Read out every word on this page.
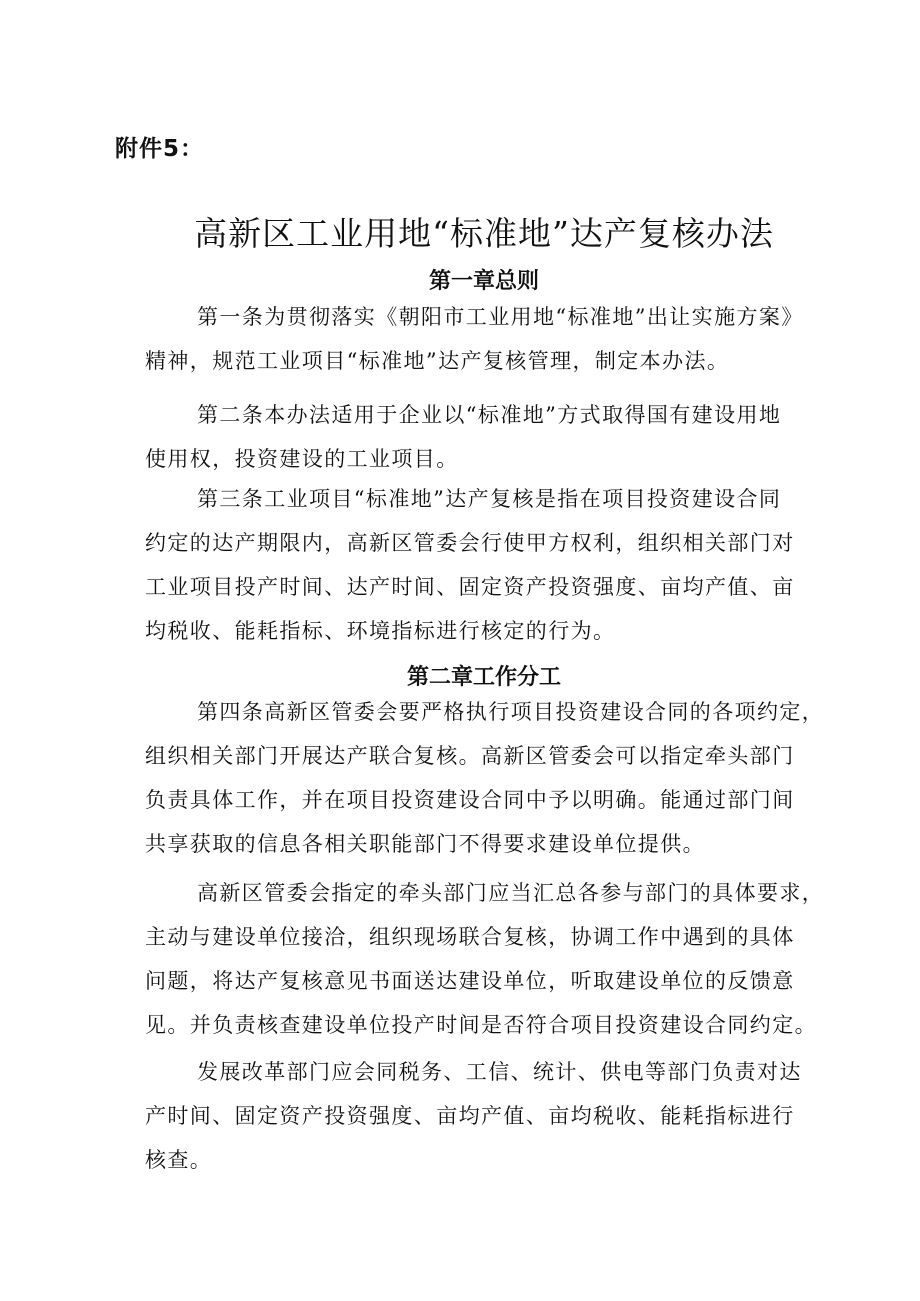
附件5：
高新区工业用地“标准地”达产复核办法
第一章总则
第一条为贯彻落实《朝阳市工业用地“标准地”出让实施方案》
精神，规范工业项目“标准地”达产复核管理，制定本办法。
第二条本办法适用于企业以“标准地”方式取得国有建设用地
使用权，投资建设的工业项目。
第三条工业项目“标准地”达产复核是指在项目投资建设合同
约定的达产期限内，高新区管委会行使甲方权利，组织相关部门对
工业项目投产时间、达产时间、固定资产投资强度、亩均产值、亩
均税收、能耗指标、环境指标进行核定的行为。
第二章工作分工
第四条高新区管委会要严格执行项目投资建设合同的各项约定，
组织相关部门开展达产联合复核。高新区管委会可以指定牵头部门
负责具体工作，并在项目投资建设合同中予以明确。能通过部门间
共享获取的信息各相关职能部门不得要求建设单位提供。
高新区管委会指定的牵头部门应当汇总各参与部门的具体要求，
主动与建设单位接洽，组织现场联合复核，协调工作中遇到的具体
问题，将达产复核意见书面送达建设单位，听取建设单位的反馈意
见。并负责核查建设单位投产时间是否符合项目投资建设合同约定。
发展改革部门应会同税务、工信、统计、供电等部门负责对达
产时间、固定资产投资强度、亩均产值、亩均税收、能耗指标进行
核查。
